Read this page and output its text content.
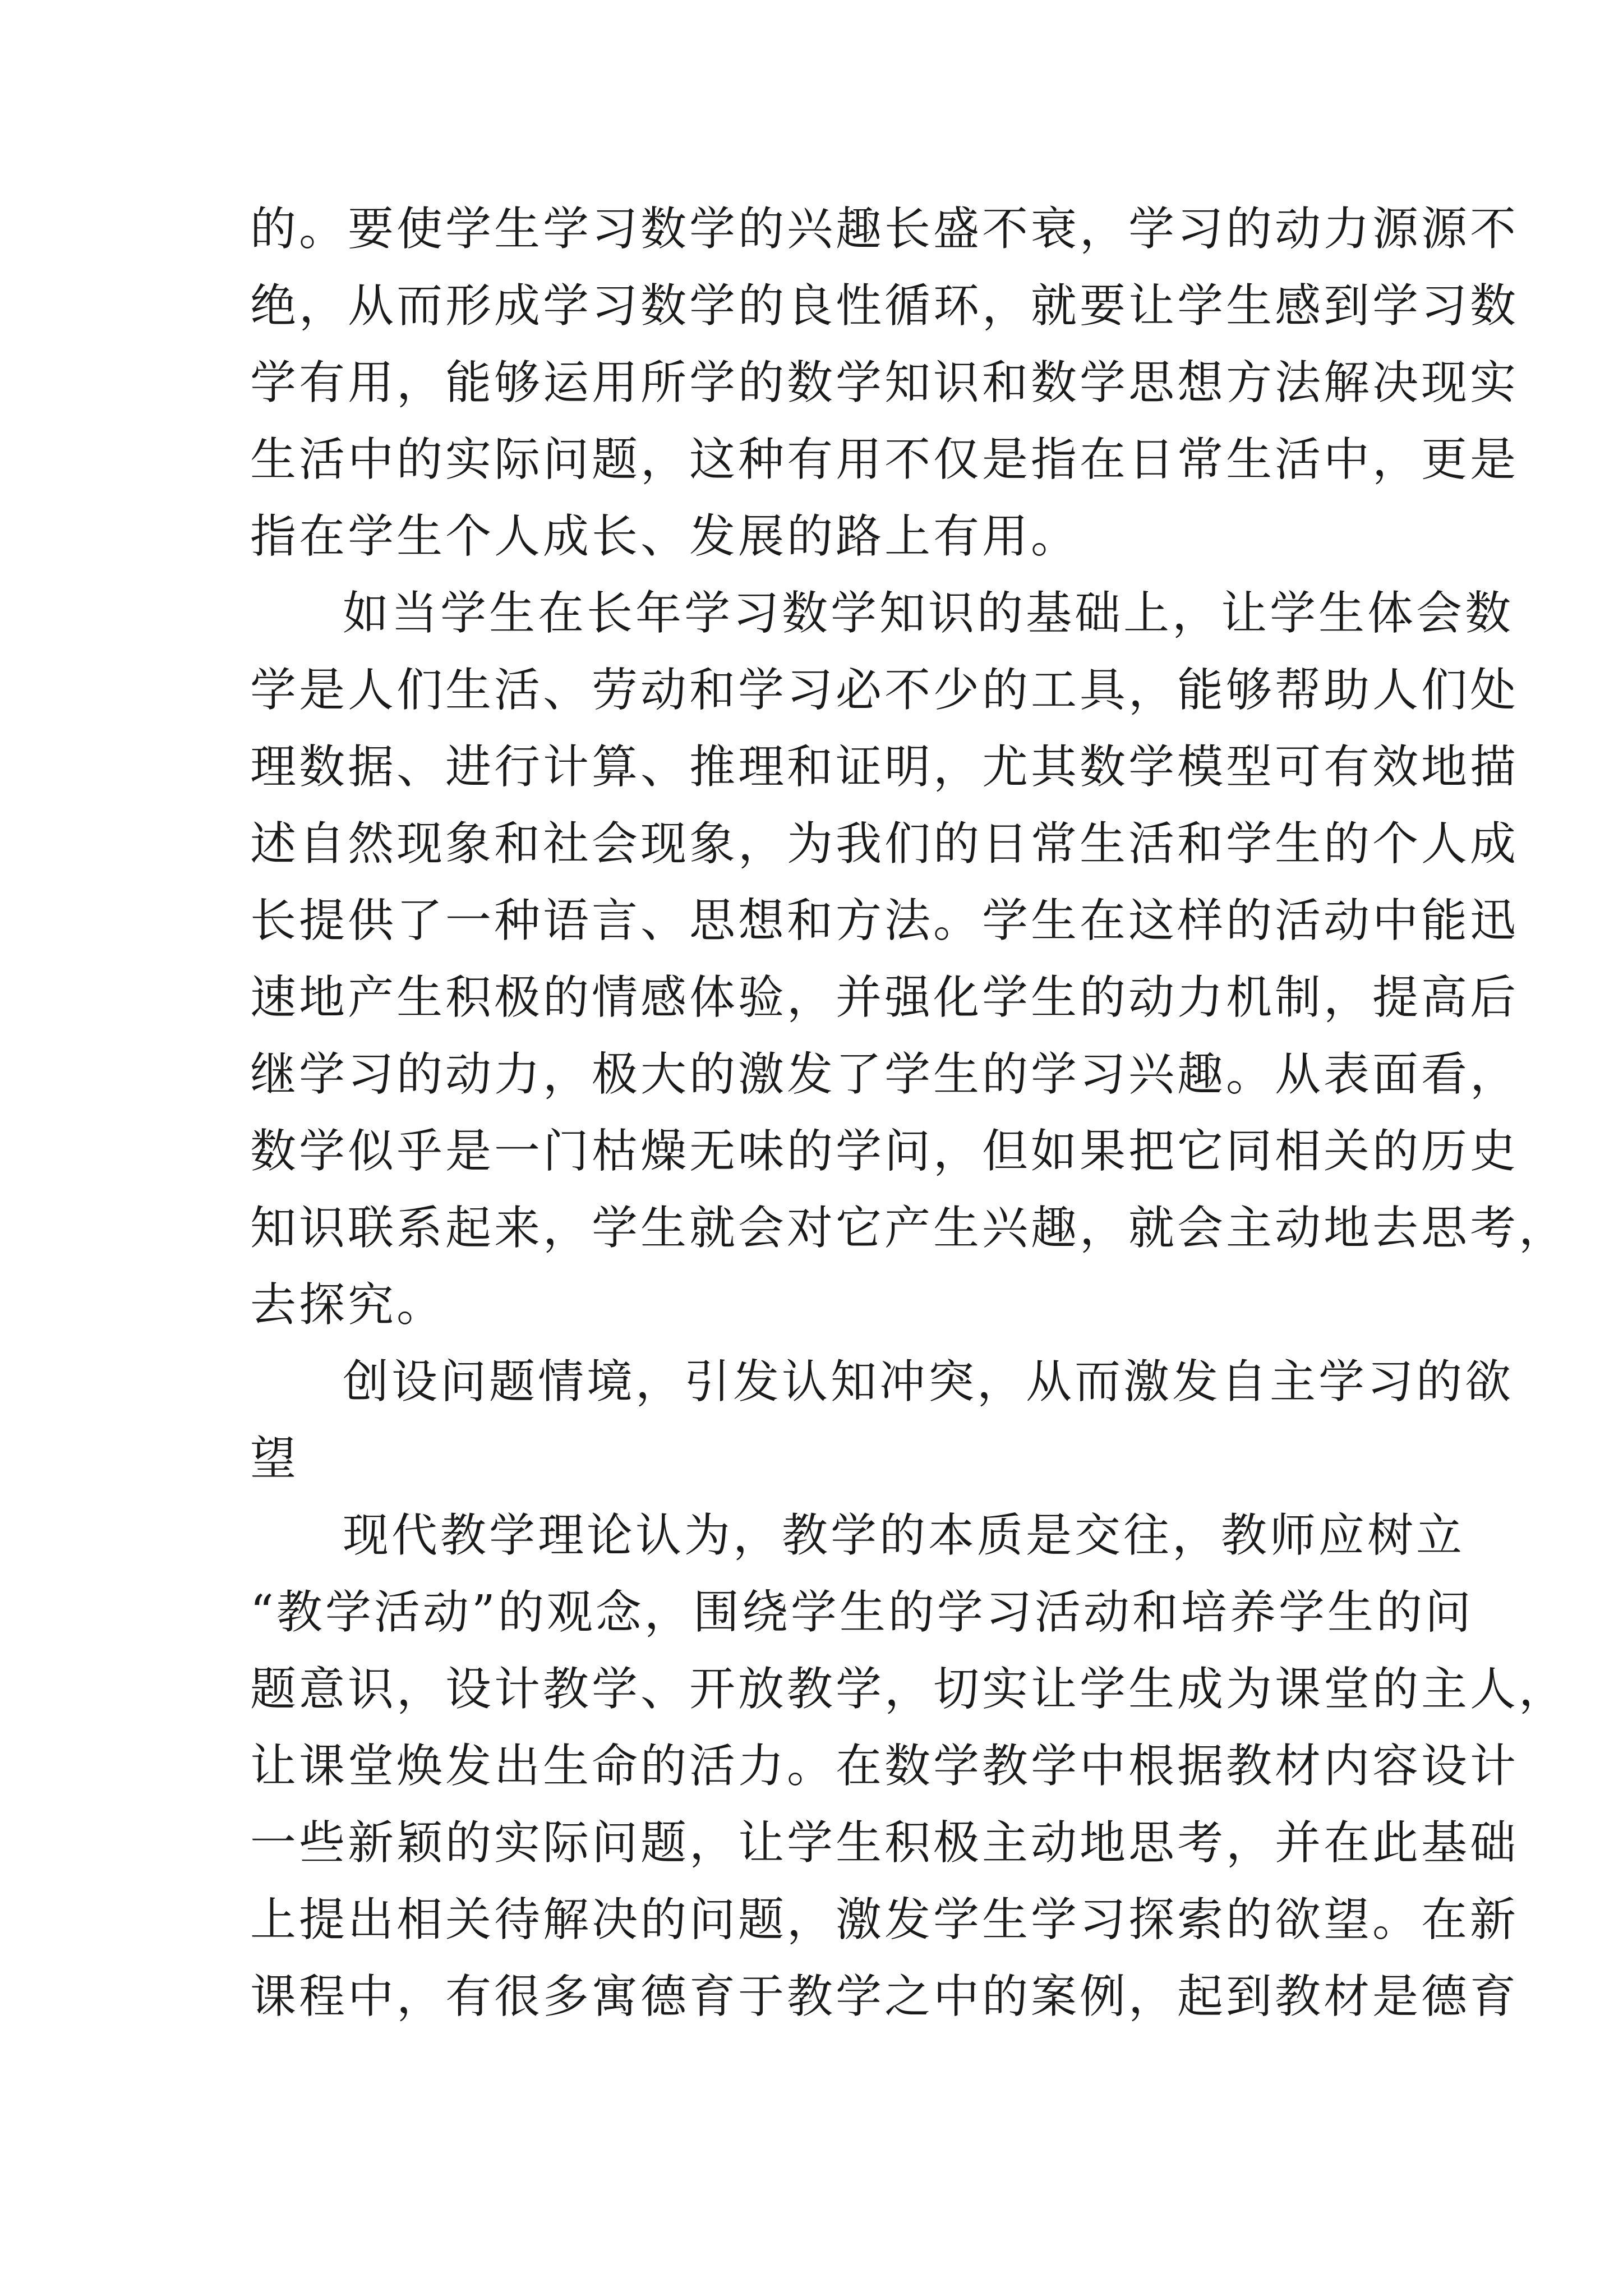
的。要使学生学习数学的兴趣长盛不衰，学习的动力源源不
绝，从而形成学习数学的良性循环，就要让学生感到学习数
学有用，能够运用所学的数学知识和数学思想方法解决现实
生活中的实际问题，这种有用不仅是指在日常生活中，更是
指在学生个人成长、发展的路上有用。
如当学生在长年学习数学知识的基础上，让学生体会数
学是人们生活、劳动和学习必不少的工具，能够帮助人们处
理数据、进行计算、推理和证明，尤其数学模型可有效地描
述自然现象和社会现象，为我们的日常生活和学生的个人成
长提供了一种语言、思想和方法。学生在这样的活动中能迅
速地产生积极的情感体验，并强化学生的动力机制，提高后
继学习的动力，极大的激发了学生的学习兴趣。从表面看，
数学似乎是一门枯燥无味的学问，但如果把它同相关的历史
知识联系起来，学生就会对它产生兴趣，就会主动地去思考，
去探究。
创设问题情境，引发认知冲突，从而激发自主学习的欲
望
现代教学理论认为，教学的本质是交往，教师应树立
“教学活动”的观念，围绕学生的学习活动和培养学生的问
题意识，设计教学、开放教学，切实让学生成为课堂的主人，
让课堂焕发出生命的活力。在数学教学中根据教材内容设计
一些新颖的实际问题，让学生积极主动地思考，并在此基础
上提出相关待解决的问题，激发学生学习探索的欲望。在新
课程中，有很多寓德育于教学之中的案例，起到教材是德育
